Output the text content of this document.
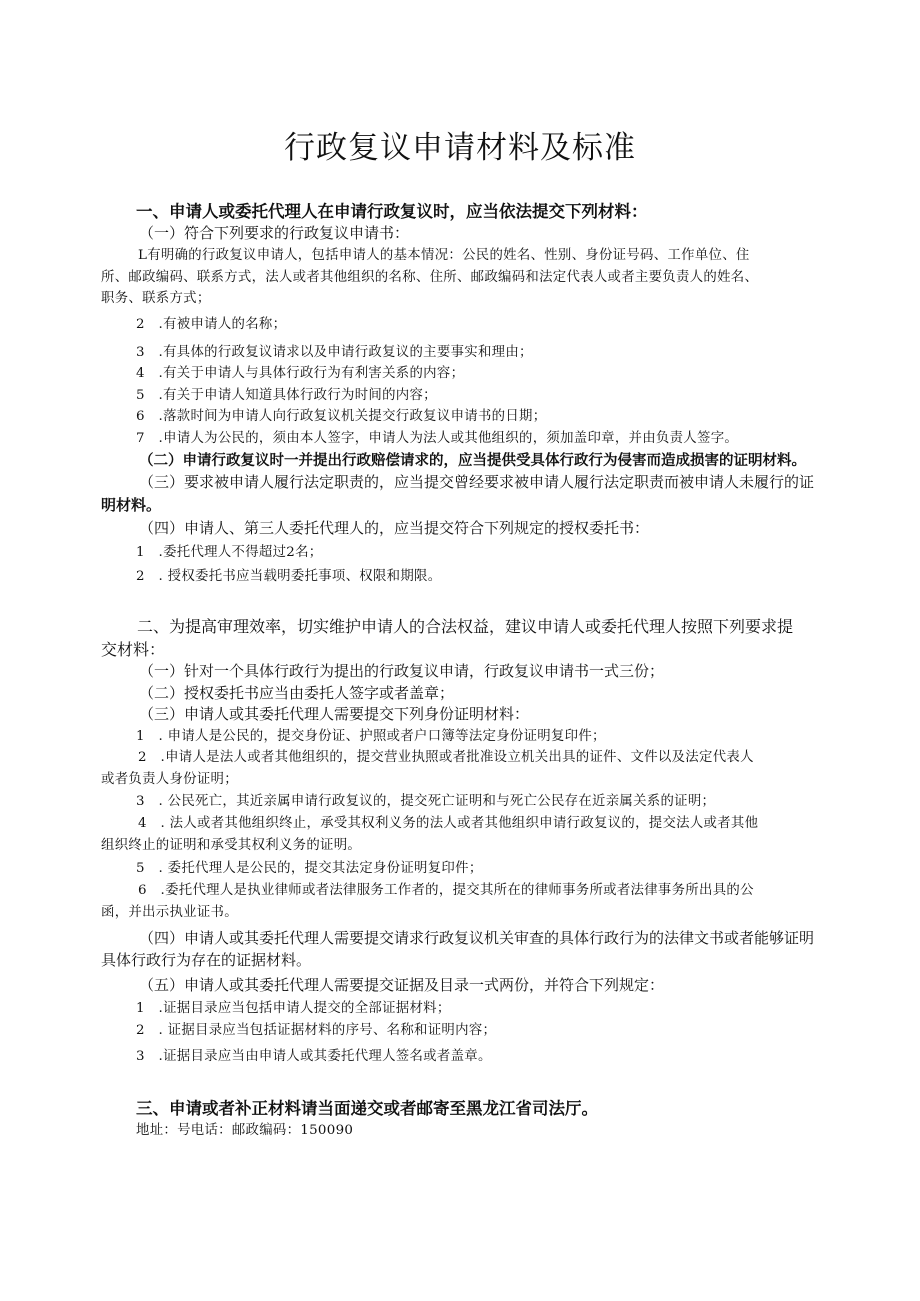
行政复议申请材料及标准
一、申请人或委托代理人在申请行政复议时，应当依法提交下列材料：
（一）符合下列要求的行政复议申请书：
L有明确的行政复议申请人，包括申请人的基本情况：公民的姓名、性别、身份证号码、工作单位、住
所、邮政编码、联系方式，法人或者其他组织的名称、住所、邮政编码和法定代表人或者主要负责人的姓名、
职务、联系方式；
2　.有被申请人的名称；
3　.有具体的行政复议请求以及申请行政复议的主要事实和理由；
4　.有关于申请人与具体行政行为有利害关系的内容；
5　.有关于申请人知道具体行政行为时间的内容；
6　.落款时间为申请人向行政复议机关提交行政复议申请书的日期；
7　.申请人为公民的，须由本人签字，申请人为法人或其他组织的，须加盖印章，并由负责人签字。
（二）申请行政复议时一并提出行政赔偿请求的，应当提供受具体行政行为侵害而造成损害的证明材料。
（三）要求被申请人履行法定职责的，应当提交曾经要求被申请人履行法定职责而被申请人未履行的证
明材料。
（四）申请人、第三人委托代理人的，应当提交符合下列规定的授权委托书：
1　.委托代理人不得超过2名；
2　. 授权委托书应当载明委托事项、权限和期限。
二、为提高审理效率，切实维护申请人的合法权益，建议申请人或委托代理人按照下列要求提
交材料：
（一）针对一个具体行政行为提出的行政复议申请，行政复议申请书一式三份；
（二）授权委托书应当由委托人签字或者盖章；
（三）申请人或其委托代理人需要提交下列身份证明材料：
1　. 申请人是公民的，提交身份证、护照或者户口簿等法定身份证明复印件；
2　.申请人是法人或者其他组织的，提交营业执照或者批准设立机关出具的证件、文件以及法定代表人
或者负责人身份证明；
3　. 公民死亡，其近亲属申请行政复议的，提交死亡证明和与死亡公民存在近亲属关系的证明；
4　. 法人或者其他组织终止，承受其权利义务的法人或者其他组织申请行政复议的，提交法人或者其他
组织终止的证明和承受其权利义务的证明。
5　. 委托代理人是公民的，提交其法定身份证明复印件；
6　.委托代理人是执业律师或者法律服务工作者的，提交其所在的律师事务所或者法律事务所出具的公
函，并出示执业证书。
（四）申请人或其委托代理人需要提交请求行政复议机关审查的具体行政行为的法律文书或者能够证明
具体行政行为存在的证据材料。
（五）申请人或其委托代理人需要提交证据及目录一式两份，并符合下列规定：
1　.证据目录应当包括申请人提交的全部证据材料；
2　. 证据目录应当包括证据材料的序号、名称和证明内容；
3　.证据目录应当由申请人或其委托代理人签名或者盖章。
三、申请或者补正材料请当面递交或者邮寄至黑龙江省司法厅。
地址：号电话：邮政编码：150090
